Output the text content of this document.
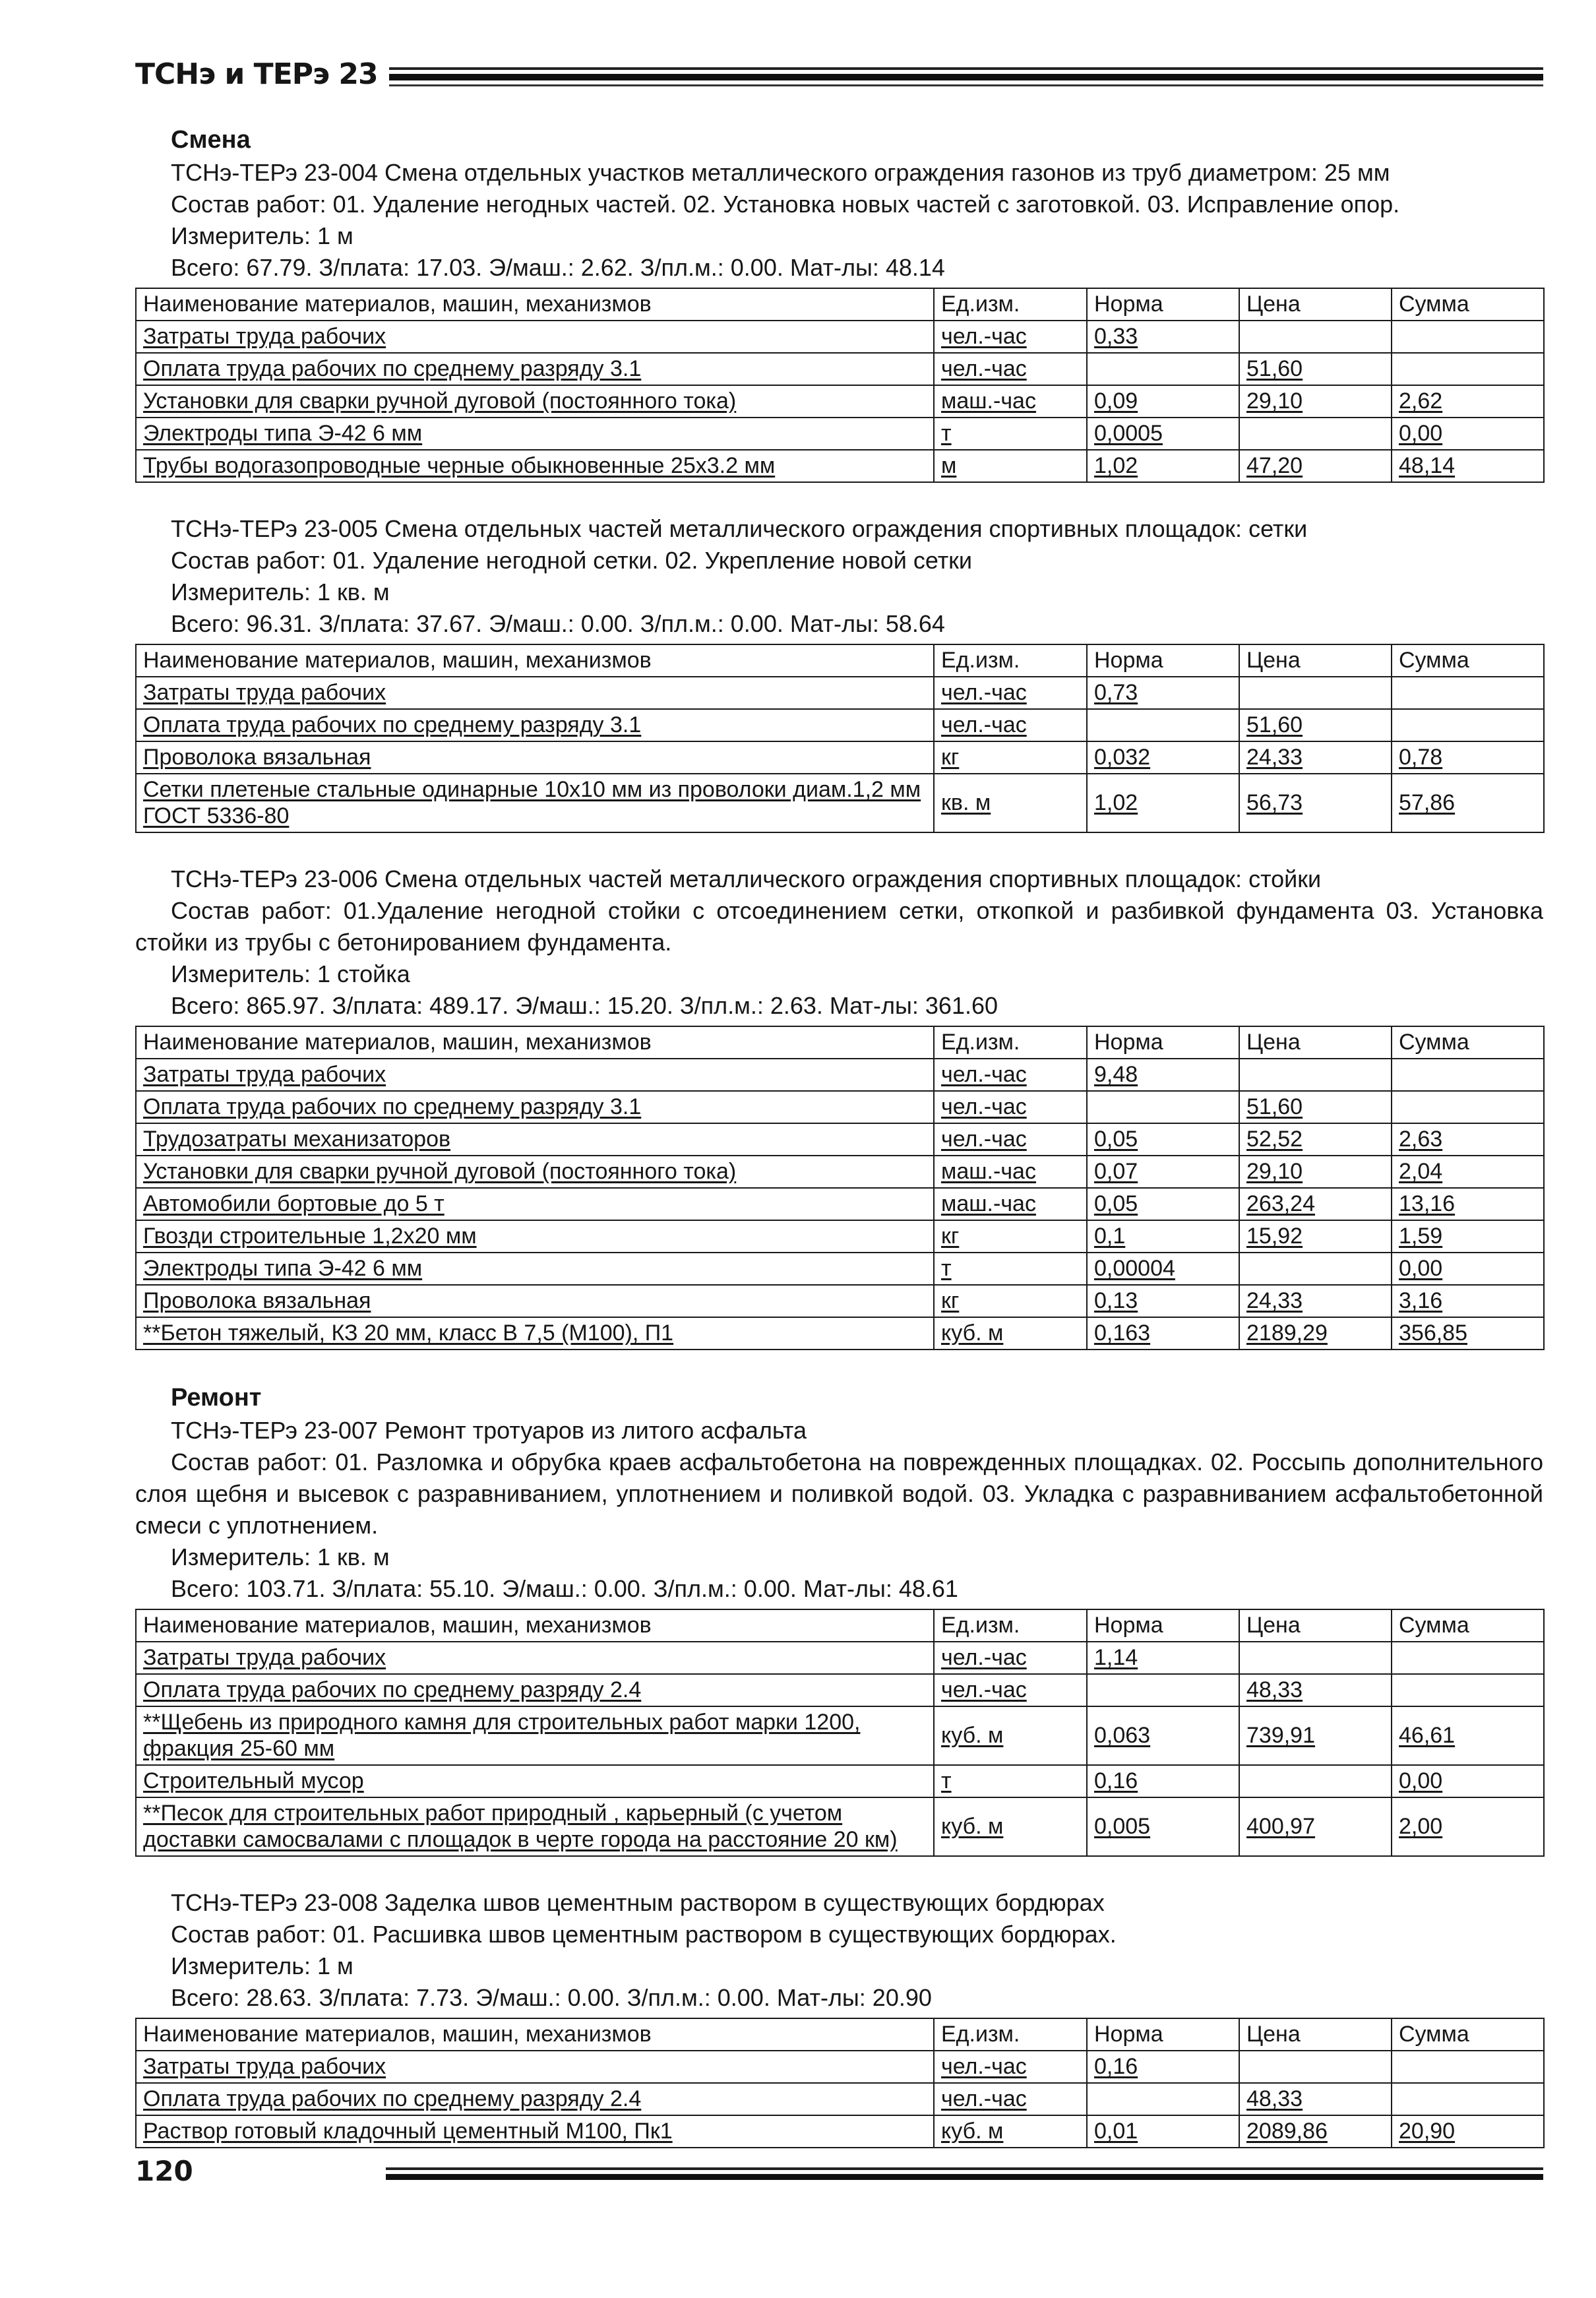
ТСНэ и ТЕРэ 23
Смена

ТСНэ-ТЕРэ 23-004 Смена отдельных участков металлического ограждения газонов из труб диаметром: 25 мм

Состав работ: 01. Удаление негодных частей. 02. Установка новых частей с заготовкой. 03. Исправление опор.

Измеритель: 1 м

Всего: 67.79. З/плата: 17.03. Э/маш.: 2.62. З/пл.м.: 0.00. Мат-лы: 48.14

Наименование материалов, машин, механизмов	Ед.изм.	Норма	Цена	Сумма
Затраты труда рабочих	чел.-час	0,33		
Оплата труда рабочих по среднему разряду 3.1	чел.-час		51,60	
Установки для сварки ручной дуговой (постоянного тока)	маш.-час	0,09	29,10	2,62
Электроды типа Э-42 6 мм	т	0,0005		0,00
Трубы водогазопроводные черные обыкновенные 25х3.2 мм	м	1,02	47,20	48,14

ТСНэ-ТЕРэ 23-005 Смена отдельных частей металлического ограждения спортивных площадок: сетки

Состав работ: 01. Удаление негодной сетки. 02. Укрепление новой сетки

Измеритель: 1 кв. м

Всего: 96.31. З/плата: 37.67. Э/маш.: 0.00. З/пл.м.: 0.00. Мат-лы: 58.64

Наименование материалов, машин, механизмов	Ед.изм.	Норма	Цена	Сумма
Затраты труда рабочих	чел.-час	0,73		
Оплата труда рабочих по среднему разряду 3.1	чел.-час		51,60	
Проволока вязальная	кг	0,032	24,33	0,78
Сетки плетеные стальные одинарные 10х10 мм из проволоки диам.1,2 мм ГОСТ 5336-80	кв. м	1,02	56,73	57,86

ТСНэ-ТЕРэ 23-006 Смена отдельных частей металлического ограждения спортивных площадок: стойки

Состав работ: 01.Удаление негодной стойки с отсоединением сетки, откопкой и разбивкой фундамента 03. Установка стойки из трубы с бетонированием фундамента.

Измеритель: 1 стойка

Всего: 865.97. З/плата: 489.17. Э/маш.: 15.20. З/пл.м.: 2.63. Мат-лы: 361.60

Наименование материалов, машин, механизмов	Ед.изм.	Норма	Цена	Сумма
Затраты труда рабочих	чел.-час	9,48		
Оплата труда рабочих по среднему разряду 3.1	чел.-час		51,60	
Трудозатраты механизаторов	чел.-час	0,05	52,52	2,63
Установки для сварки ручной дуговой (постоянного тока)	маш.-час	0,07	29,10	2,04
Автомобили бортовые до 5 т	маш.-час	0,05	263,24	13,16
Гвозди строительные 1,2х20 мм	кг	0,1	15,92	1,59
Электроды типа Э-42 6 мм	т	0,00004		0,00
Проволока вязальная	кг	0,13	24,33	3,16
**Бетон тяжелый, КЗ 20 мм, класс В 7,5 (М100), П1	куб. м	0,163	2189,29	356,85
Ремонт

ТСНэ-ТЕРэ 23-007 Ремонт тротуаров из литого асфальта

Состав работ: 01. Разломка и обрубка краев асфальтобетона на поврежденных площадках. 02. Россыпь дополнительного слоя щебня и высевок с разравниванием, уплотнением и поливкой водой. 03. Укладка с разравниванием асфальтобетонной смеси с уплотнением.

Измеритель: 1 кв. м

Всего: 103.71. З/плата: 55.10. Э/маш.: 0.00. З/пл.м.: 0.00. Мат-лы: 48.61

Наименование материалов, машин, механизмов	Ед.изм.	Норма	Цена	Сумма
Затраты труда рабочих	чел.-час	1,14		
Оплата труда рабочих по среднему разряду 2.4	чел.-час		48,33	
**Щебень из природного камня для строительных работ марки 1200, фракция 25-60 мм	куб. м	0,063	739,91	46,61
Строительный мусор	т	0,16		0,00
**Песок для строительных работ природный , карьерный (с учетом доставки самосвалами с площадок в черте города на расстояние 20 км)	куб. м	0,005	400,97	2,00

ТСНэ-ТЕРэ 23-008 Заделка швов цементным раствором в существующих бордюрах

Состав работ: 01. Расшивка швов цементным раствором в существующих бордюрах.

Измеритель: 1 м

Всего: 28.63. З/плата: 7.73. Э/маш.: 0.00. З/пл.м.: 0.00. Мат-лы: 20.90

Наименование материалов, машин, механизмов	Ед.изм.	Норма	Цена	Сумма
Затраты труда рабочих	чел.-час	0,16		
Оплата труда рабочих по среднему разряду 2.4	чел.-час		48,33	
Раствор готовый кладочный цементный М100, Пк1	куб. м	0,01	2089,86	20,90
120
